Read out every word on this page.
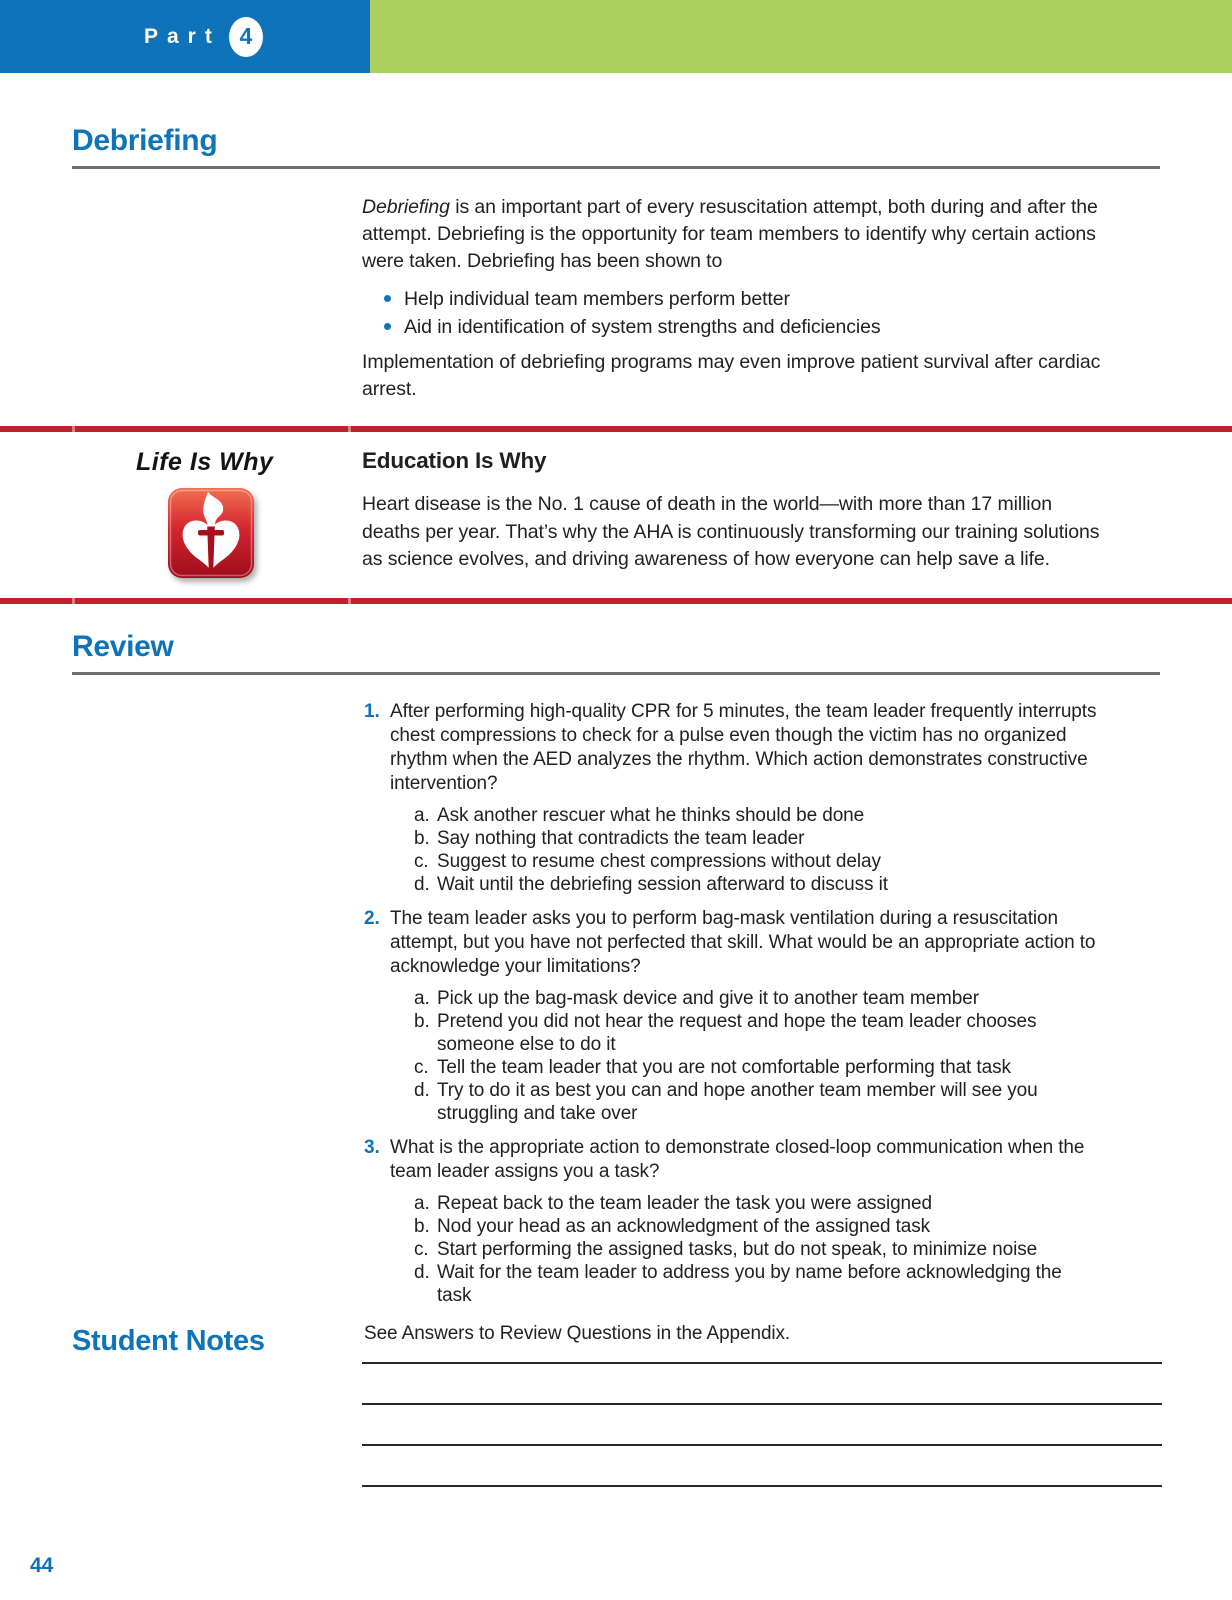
Part 4
Debriefing

Debriefing is an important part of every resuscitation attempt, both during and after the attempt. Debriefing is the opportunity for team members to identify why certain actions were taken. Debriefing has been shown to

Help individual team members perform better
Aid in identification of system strengths and deficiencies

Implementation of debriefing programs may even improve patient survival after cardiac arrest.

Life Is Why	Education Is Why
Heart disease is the No. 1 cause of death in the world—with more than 17 million deaths per year. That’s why the AHA is continuously transforming our training solutions as science evolves, and driving awareness of how everyone can help save a life.
Review
1. After performing high-quality CPR for 5 minutes, the team leader frequently interrupts chest compressions to check for a pulse even though the victim has no organized rhythm when the AED analyzes the rhythm. Which action demonstrates constructive intervention?
a. Ask another rescuer what he thinks should be done
b. Say nothing that contradicts the team leader
c. Suggest to resume chest compressions without delay
d. Wait until the debriefing session afterward to discuss it
2. The team leader asks you to perform bag-mask ventilation during a resuscitation attempt, but you have not perfected that skill. What would be an appropriate action to acknowledge your limitations?
a. Pick up the bag-mask device and give it to another team member
b. Pretend you did not hear the request and hope the team leader chooses someone else to do it
c. Tell the team leader that you are not comfortable performing that task
d. Try to do it as best you can and hope another team member will see you struggling and take over
3. What is the appropriate action to demonstrate closed-loop communication when the team leader assigns you a task?
a. Repeat back to the team leader the task you were assigned
b. Nod your head as an acknowledgment of the assigned task
c. Start performing the assigned tasks, but do not speak, to minimize noise
d. Wait for the team leader to address you by name before acknowledging the task
See Answers to Review Questions in the Appendix.
Student Notes
44
